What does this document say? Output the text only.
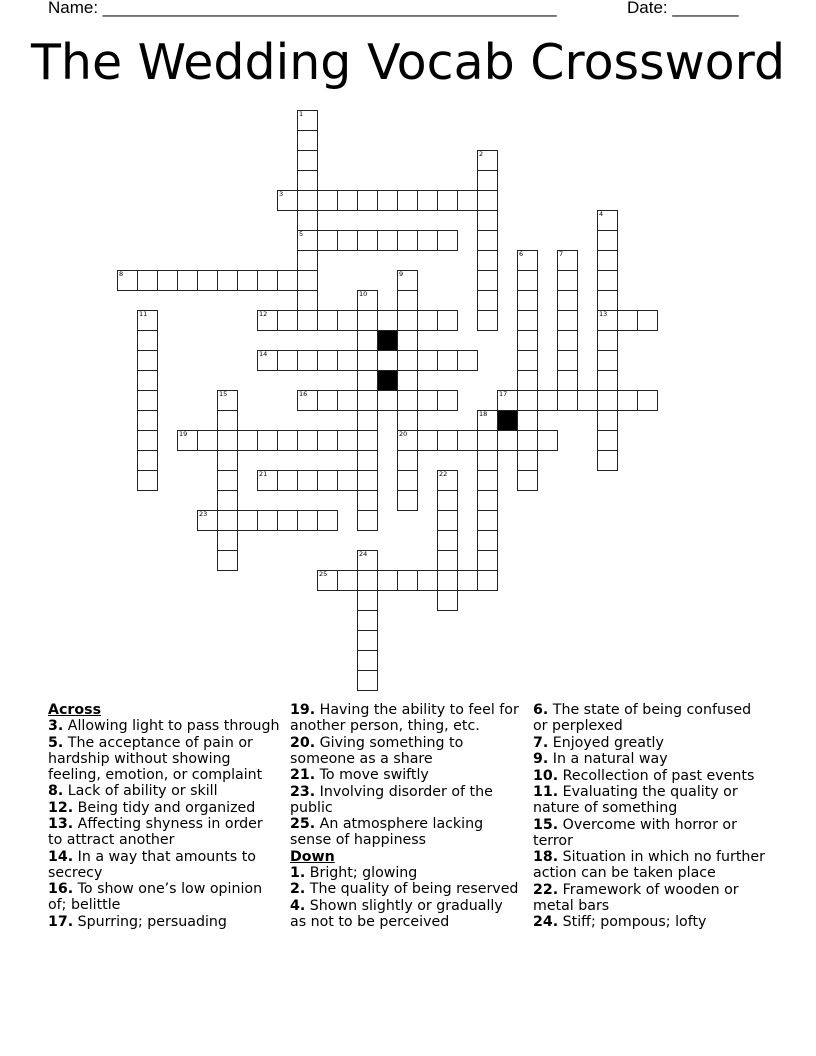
Name: ________________________________________________	Date: _______
The Wedding Vocab Crossword
1
5
2
3
4
13
6	7
8	9
20
10
11	12
14
15	16	17
18
19
21	22
23
24
25
Across
3. Allowing light to pass through
5. The acceptance of pain or hardship without showing feeling, emotion, or complaint
8. Lack of ability or skill
12. Being tidy and organized
13. Affecting shyness in order to attract another
14. In a way that amounts to secrecy
16. To show one’s low opinion of; belittle
17. Spurring; persuading
19. Having the ability to feel for another person, thing, etc.
20. Giving something to someone as a share
21. To move swiftly
23. Involving disorder of the public
25. An atmosphere lacking sense of happiness
Down
1. Bright; glowing
2. The quality of being reserved
4. Shown slightly or gradually as not to be perceived
6. The state of being confused or perplexed
7. Enjoyed greatly
9. In a natural way
10. Recollection of past events
11. Evaluating the quality or nature of something
15. Overcome with horror or terror
18. Situation in which no further action can be taken place
22. Framework of wooden or metal bars
24. Stiff; pompous; lofty
